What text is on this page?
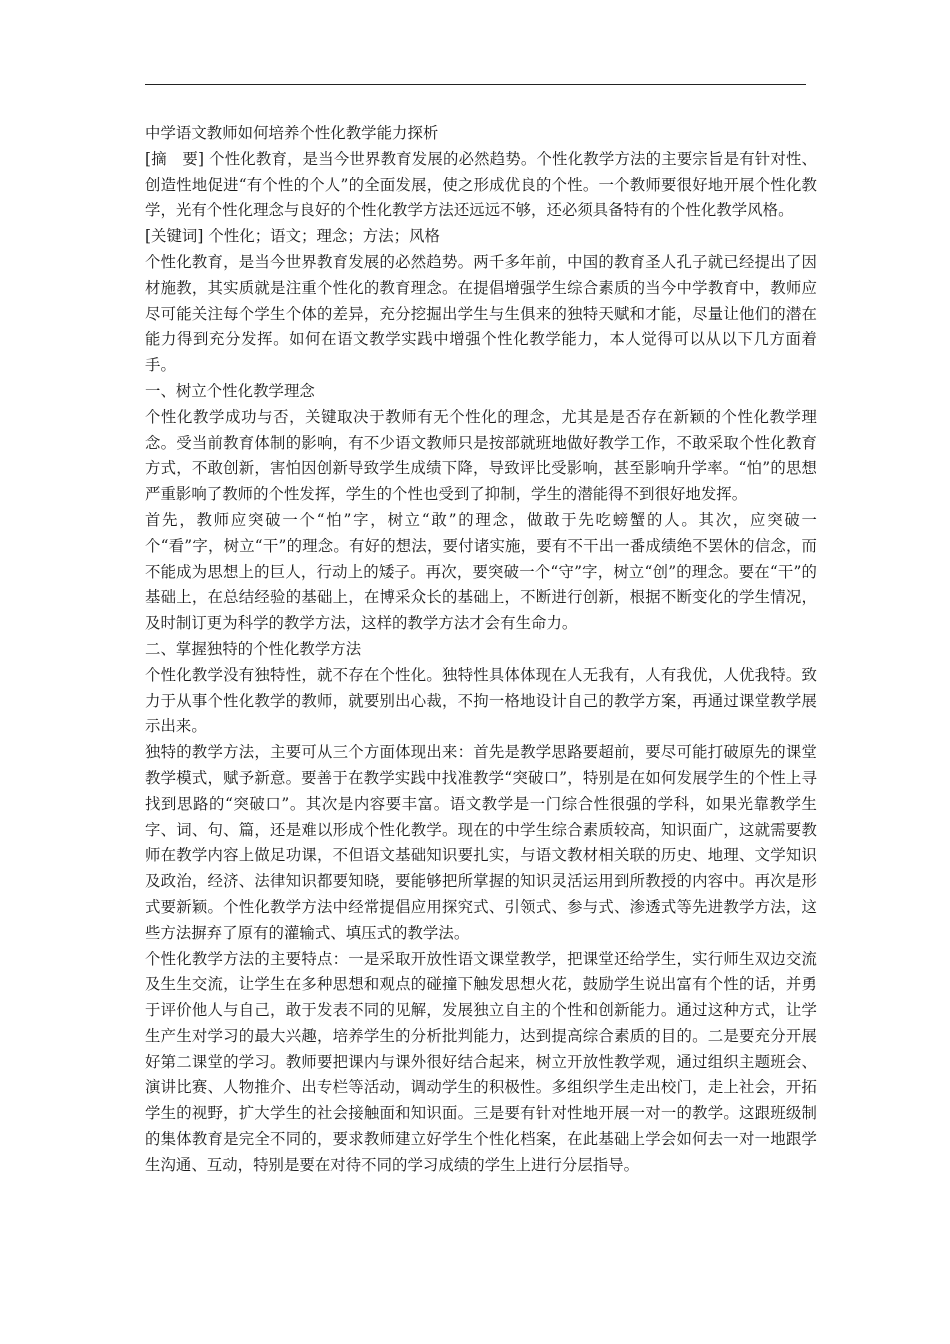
中学语文教师如何培养个性化教学能力探析

[摘　要] 个性化教育，是当今世界教育发展的必然趋势。个性化教学方法的主要宗旨是有针对性、创造性地促进“有个性的个人”的全面发展，使之形成优良的个性。一个教师要很好地开展个性化教学，光有个性化理念与良好的个性化教学方法还远远不够，还必须具备特有的个性化教学风格。

[关键词] 个性化；语文；理念；方法；风格

个性化教育，是当今世界教育发展的必然趋势。两千多年前，中国的教育圣人孔子就已经提出了因材施教，其实质就是注重个性化的教育理念。在提倡增强学生综合素质的当今中学教育中，教师应尽可能关注每个学生个体的差异，充分挖掘出学生与生俱来的独特天赋和才能，尽量让他们的潜在能力得到充分发挥。如何在语文教学实践中增强个性化教学能力，本人觉得可以从以下几方面着手。

一、树立个性化教学理念

个性化教学成功与否，关键取决于教师有无个性化的理念，尤其是是否存在新颖的个性化教学理念。受当前教育体制的影响，有不少语文教师只是按部就班地做好教学工作，不敢采取个性化教育方式，不敢创新，害怕因创新导致学生成绩下降，导致评比受影响，甚至影响升学率。“怕”的思想严重影响了教师的个性发挥，学生的个性也受到了抑制，学生的潜能得不到很好地发挥。

首先，教师应突破一个“怕”字，树立“敢”的理念，做敢于先吃螃蟹的人。其次，应突破一个“看”字，树立“干”的理念。有好的想法，要付诸实施，要有不干出一番成绩绝不罢休的信念，而不能成为思想上的巨人，行动上的矮子。再次，要突破一个“守”字，树立“创”的理念。要在“干”的基础上，在总结经验的基础上，在博采众长的基础上，不断进行创新，根据不断变化的学生情况，及时制订更为科学的教学方法，这样的教学方法才会有生命力。

二、掌握独特的个性化教学方法

个性化教学没有独特性，就不存在个性化。独特性具体体现在人无我有，人有我优，人优我特。致力于从事个性化教学的教师，就要别出心裁，不拘一格地设计自己的教学方案，再通过课堂教学展示出来。

独特的教学方法，主要可从三个方面体现出来：首先是教学思路要超前，要尽可能打破原先的课堂教学模式，赋予新意。要善于在教学实践中找准教学“突破口”，特别是在如何发展学生的个性上寻找到思路的“突破口”。其次是内容要丰富。语文教学是一门综合性很强的学科，如果光靠教学生字、词、句、篇，还是难以形成个性化教学。现在的中学生综合素质较高，知识面广，这就需要教师在教学内容上做足功课，不但语文基础知识要扎实，与语文教材相关联的历史、地理、文学知识及政治，经济、法律知识都要知晓，要能够把所掌握的知识灵活运用到所教授的内容中。再次是形式要新颖。个性化教学方法中经常提倡应用探究式、引领式、参与式、渗透式等先进教学方法，这些方法摒弃了原有的灌输式、填压式的教学法。

个性化教学方法的主要特点：一是采取开放性语文课堂教学，把课堂还给学生，实行师生双边交流及生生交流，让学生在多种思想和观点的碰撞下触发思想火花，鼓励学生说出富有个性的话，并勇于评价他人与自己，敢于发表不同的见解，发展独立自主的个性和创新能力。通过这种方式，让学生产生对学习的最大兴趣，培养学生的分析批判能力，达到提高综合素质的目的。二是要充分开展好第二课堂的学习。教师要把课内与课外很好结合起来，树立开放性教学观，通过组织主题班会、演讲比赛、人物推介、出专栏等活动，调动学生的积极性。多组织学生走出校门，走上社会，开拓学生的视野，扩大学生的社会接触面和知识面。三是要有针对性地开展一对一的教学。这跟班级制的集体教育是完全不同的，要求教师建立好学生个性化档案，在此基础上学会如何去一对一地跟学生沟通、互动，特别是要在对待不同的学习成绩的学生上进行分层指导。
